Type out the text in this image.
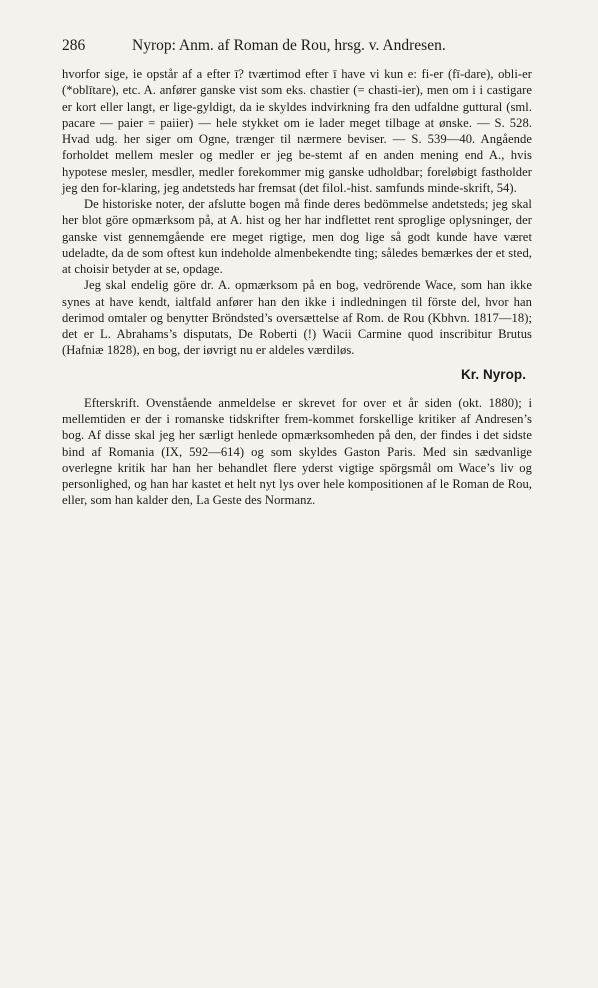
286	Nyrop: Anm. af Roman de Rou, hrsg. v. Andresen.

hvorfor sige, ie opstår af a efter ī? tværtimod efter ī have vi kun e: fi-er (fī-dare), obli-er (*oblītare), etc. A. anfører ganske vist som eks. chastier (= chasti-ier), men om i i castigare er kort eller langt, er lige-gyldigt, da ie skyldes indvirkning fra den udfaldne guttural (sml. pacare — paier = paiier) — hele stykket om ie lader meget tilbage at ønske. — S. 528. Hvad udg. her siger om Ogne, trænger til nærmere beviser. — S. 539—40. Angående forholdet mellem mesler og medler er jeg be-stemt af en anden mening end A., hvis hypotese mesler, mesdler, medler forekommer mig ganske udholdbar; foreløbigt fastholder jeg den for-klaring, jeg andetsteds har fremsat (det filol.-hist. samfunds minde-skrift, 54).

De historiske noter, der afslutte bogen må finde deres bedömmelse andetsteds; jeg skal her blot göre opmærksom på, at A. hist og her har indflettet rent sproglige oplysninger, der ganske vist gennemgående ere meget rigtige, men dog lige så godt kunde have været udeladte, da de som oftest kun indeholde almenbekendte ting; således bemærkes der et sted, at choisir betyder at se, opdage.

Jeg skal endelig göre dr. A. opmærksom på en bog, vedrörende Wace, som han ikke synes at have kendt, ialtfald anfører han den ikke i indledningen til förste del, hvor han derimod omtaler og benytter Bröndsted’s oversættelse af Rom. de Rou (Kbhvn. 1817—18); det er L. Abrahams’s disputats, De Roberti (!) Wacii Carmine quod inscribitur Brutus (Hafniæ 1828), en bog, der iøvrigt nu er aldeles værdiløs.

Kr. Nyrop.

Efterskrift. Ovenstående anmeldelse er skrevet for over et år siden (okt. 1880); i mellemtiden er der i romanske tidskrifter frem-kommet forskellige kritiker af Andresen’s bog. Af disse skal jeg her særligt henlede opmærksomheden på den, der findes i det sidste bind af Romania (IX, 592—614) og som skyldes Gaston Paris. Med sin sædvanlige overlegne kritik har han her behandlet flere yderst vigtige spörgsmål om Wace’s liv og personlighed, og han har kastet et helt nyt lys over hele kompositionen af le Roman de Rou, eller, som han kalder den, La Geste des Normanz.
